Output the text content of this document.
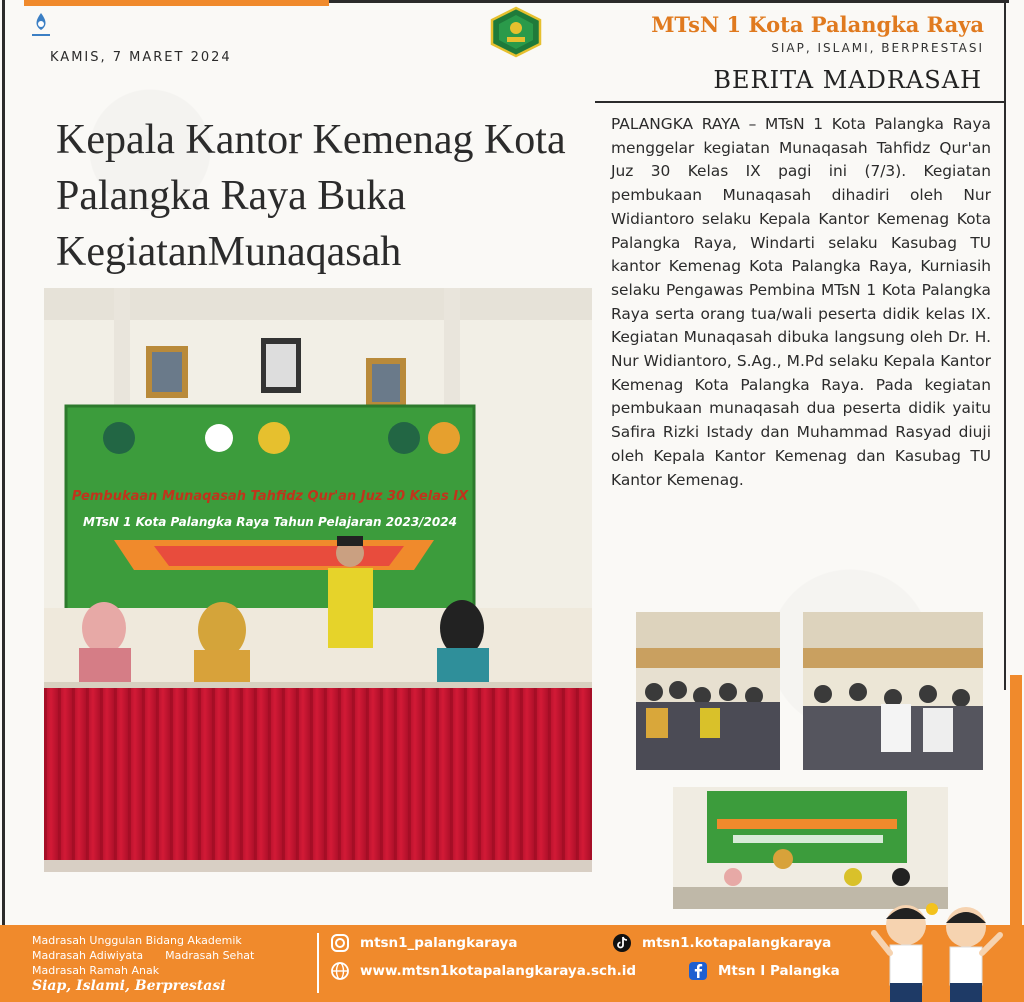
KAMIS, 7 MARET 2024
MTsN 1 Kota Palangka Raya
SIAP, ISLAMI, BERPRESTASI
BERITA MADRASAH
Kepala Kantor Kemenag Kota Palangka Raya Buka KegiatanMunaqasah
Pembukaan Munaqasah Tahfidz Qur'an Juz 30 Kelas IX
MTsN 1 Kota Palangka Raya Tahun Pelajaran 2023/2024

PALANGKA RAYA – MTsN 1 Kota Palangka Raya menggelar kegiatan Munaqasah Tahfidz Qur'an Juz 30 Kelas IX pagi ini (7/3). Kegiatan pembukaan Munaqasah dihadiri oleh Nur Widiantoro selaku Kepala Kantor Kemenag Kota Palangka Raya, Windarti selaku Kasubag TU kantor Kemenag Kota Palangka Raya, Kurniasih selaku Pengawas Pembina MTsN 1 Kota Palangka Raya serta orang tua/wali peserta didik kelas IX. Kegiatan Munaqasah dibuka langsung oleh Dr. H. Nur Widiantoro, S.Ag., M.Pd selaku Kepala Kantor Kemenag Kota Palangka Raya. Pada kegiatan pembukaan munaqasah dua peserta didik yaitu Safira Rizki Istady dan Muhammad Rasyad diuji oleh Kepala Kantor Kemenag dan Kasubag TU Kantor Kemenag.

Madrasah Unggulan Bidang Akademik
Madrasah Adiwiyata Madrasah Sehat
Madrasah Ramah Anak
Siap, Islami, Berprestasi
mtsn1_palangkaraya	mtsn1.kotapalangkaraya
www.mtsn1kotapalangkaraya.sch.id	Mtsn I Palangka
